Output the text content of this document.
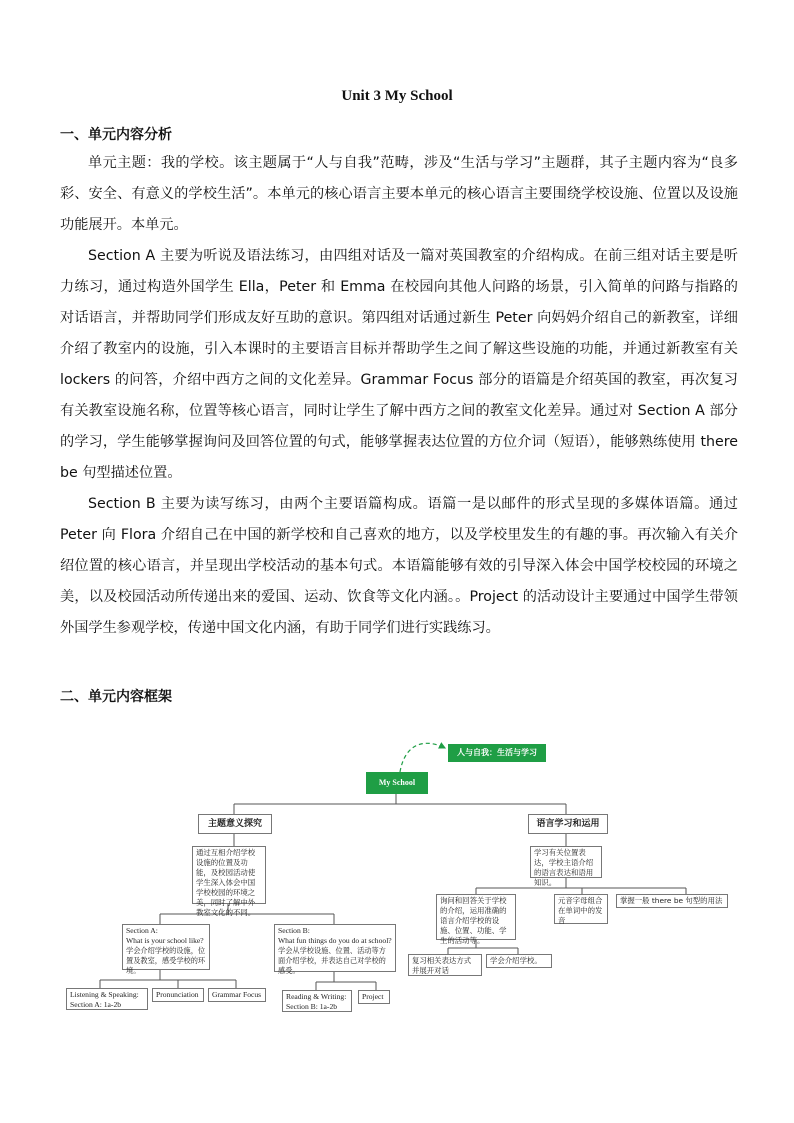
Unit 3 My School
一、单元内容分析

单元主题：我的学校。该主题属于“人与自我”范畴，涉及“生活与学习”主题群，其子主题内容为“良多彩、安全、有意义的学校生活”。本单元的核心语言主要本单元的核心语言主要围绕学校设施、位置以及设施功能展开。本单元。

Section A 主要为听说及语法练习，由四组对话及一篇对英国教室的介绍构成。在前三组对话主要是听力练习，通过构造外国学生 Ella，Peter 和 Emma 在校园向其他人问路的场景，引入简单的问路与指路的对话语言，并帮助同学们形成友好互助的意识。第四组对话通过新生 Peter 向妈妈介绍自己的新教室，详细介绍了教室内的设施，引入本课时的主要语言目标并帮助学生之间了解这些设施的功能，并通过新教室有关 lockers 的问答，介绍中西方之间的文化差异。Grammar Focus 部分的语篇是介绍英国的教室，再次复习有关教室设施名称，位置等核心语言，同时让学生了解中西方之间的教室文化差异。通过对 Section A 部分的学习，学生能够掌握询问及回答位置的句式，能够掌握表达位置的方位介词（短语），能够熟练使用 there be 句型描述位置。

Section B 主要为读写练习，由两个主要语篇构成。语篇一是以邮件的形式呈现的多媒体语篇。通过 Peter 向 Flora 介绍自己在中国的新学校和自己喜欢的地方，以及学校里发生的有趣的事。再次输入有关介绍位置的核心语言，并呈现出学校活动的基本句式。本语篇能够有效的引导深入体会中国学校校园的环境之美，以及校园活动所传递出来的爱国、运动、饮食等文化内涵。。Project 的活动设计主要通过中国学生带领外国学生参观学校，传递中国文化内涵，有助于同学们进行实践练习。

二、单元内容框架
人与自我：生活与学习
My School
主题意义探究	语言学习和运用
通过互相介绍学校设施的位置及功能，及校园活动使学生深入体会中国学校校园的环境之美，同时了解中外教室文化的不同。
Section A:
What is your school like?
学会介绍学校的设施，位置及教室，感受学校的环境。
Section B:
What fun things do you do at school?
学会从学校设施、位置、活动等方面介绍学校，并表达自己对学校的感受。
Listening & Speaking: Section A: 1a-2b
Pronunciation	Grammar Focus	Reading & Writing: Section B: 1a-2b
Project
学习有关位置表达，学校主语介绍的语言表达和语用知识。
询问和回答关于学校的介绍，运用准确的语言介绍学校的设施、位置、功能、学生的活动等。
元音字母组合在单词中的发音
掌握一般 there be 句型的用法
复习相关表达方式并展开对话
学会介绍学校。
